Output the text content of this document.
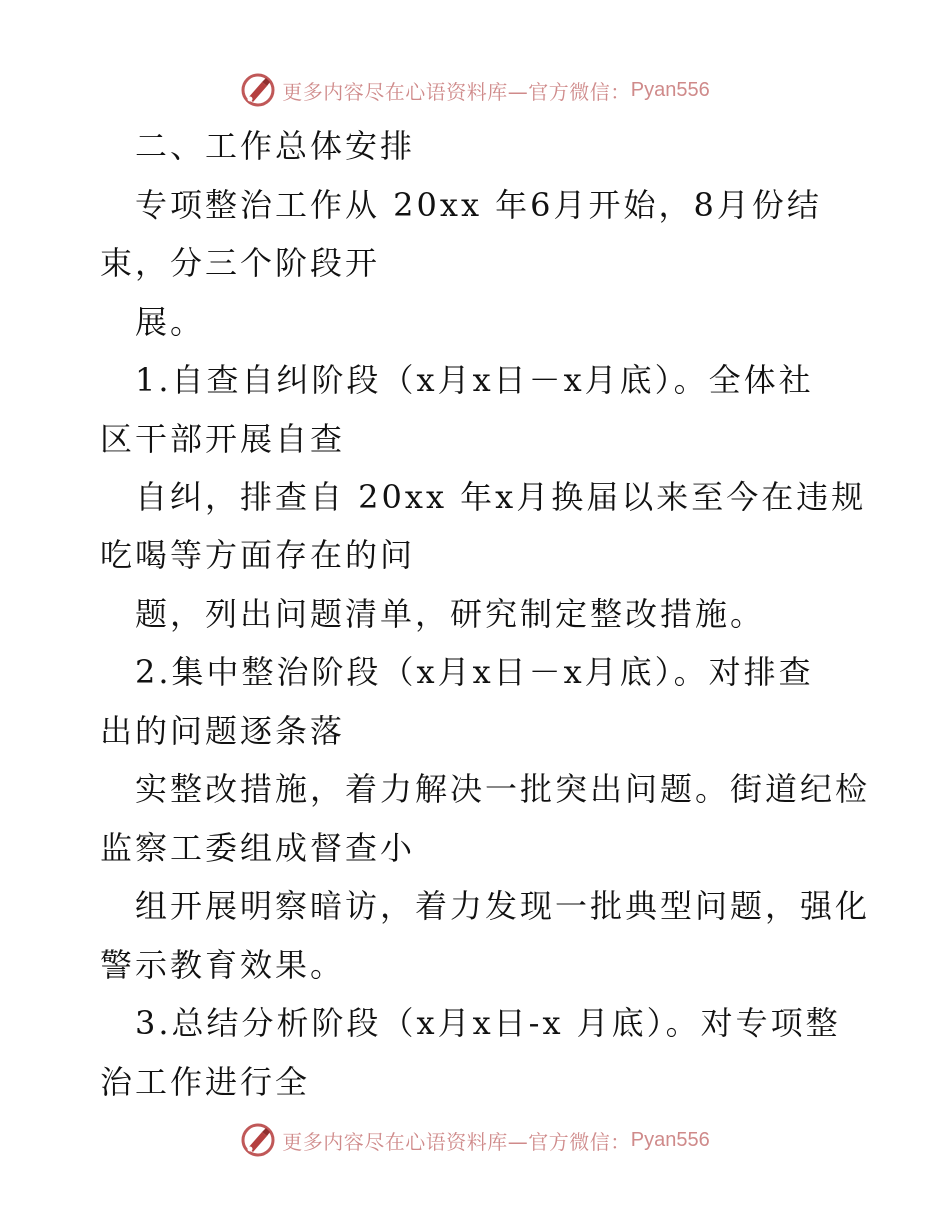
更多内容尽在心语资料库—官方微信： Pyan556
二、工作总体安排
专项整治工作从 20xx 年6月开始，8月份结
束，分三个阶段开
展。
1.自查自纠阶段（x月x日－x月底）。全体社
区干部开展自查
自纠，排查自 20xx 年x月换届以来至今在违规
吃喝等方面存在的问
题，列出问题清单，研究制定整改措施。
2.集中整治阶段（x月x日－x月底）。对排查
出的问题逐条落
实整改措施，着力解决一批突出问题。街道纪检
监察工委组成督查小
组开展明察暗访，着力发现一批典型问题，强化
警示教育效果。
3.总结分析阶段（x月x日-x 月底）。对专项整
治工作进行全
更多内容尽在心语资料库—官方微信： Pyan556
